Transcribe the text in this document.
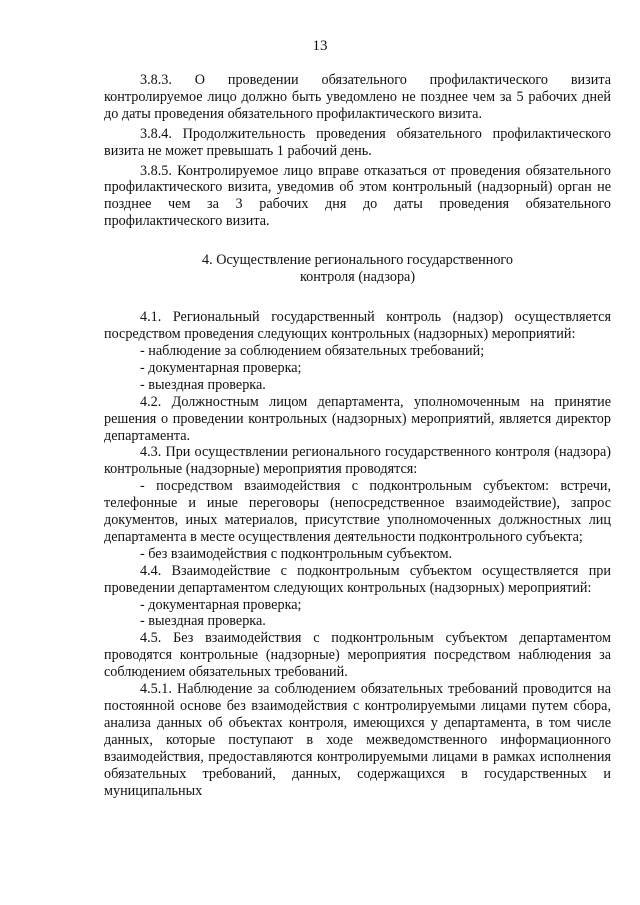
13

3.8.3. О проведении обязательного профилактического визита контролируемое лицо должно быть уведомлено не позднее чем за 5 рабочих дней до даты проведения обязательного профилактического визита.

3.8.4. Продолжительность проведения обязательного профилактического визита не может превышать 1 рабочий день.

3.8.5. Контролируемое лицо вправе отказаться от проведения обязательного профилактического визита, уведомив об этом контрольный (надзорный) орган не позднее чем за 3 рабочих дня до даты проведения обязательного профилактического визита.

4. Осуществление регионального государственного
контроля (надзора)

4.1. Региональный государственный контроль (надзор) осуществляется посредством проведения следующих контрольных (надзорных) мероприятий:

- наблюдение за соблюдением обязательных требований;

- документарная проверка;

- выездная проверка.

4.2. Должностным лицом департамента, уполномоченным на принятие решения о проведении контрольных (надзорных) мероприятий, является директор департамента.

4.3. При осуществлении регионального государственного контроля (надзора) контрольные (надзорные) мероприятия проводятся:

- посредством взаимодействия с подконтрольным субъектом: встречи, телефонные и иные переговоры (непосредственное взаимодействие), запрос документов, иных материалов, присутствие уполномоченных должностных лиц департамента в месте осуществления деятельности подконтрольного субъекта;

- без взаимодействия с подконтрольным субъектом.

4.4. Взаимодействие с подконтрольным субъектом осуществляется при проведении департаментом следующих контрольных (надзорных) мероприятий:

- документарная проверка;

- выездная проверка.

4.5. Без взаимодействия с подконтрольным субъектом департаментом проводятся контрольные (надзорные) мероприятия посредством наблюдения за соблюдением обязательных требований.

4.5.1. Наблюдение за соблюдением обязательных требований проводится на постоянной основе без взаимодействия с контролируемыми лицами путем сбора, анализа данных об объектах контроля, имеющихся у департамента, в том числе данных, которые поступают в ходе межведомственного информационного взаимодействия, предоставляются контролируемыми лицами в рамках исполнения обязательных требований, данных, содержащихся в государственных и муниципальных
